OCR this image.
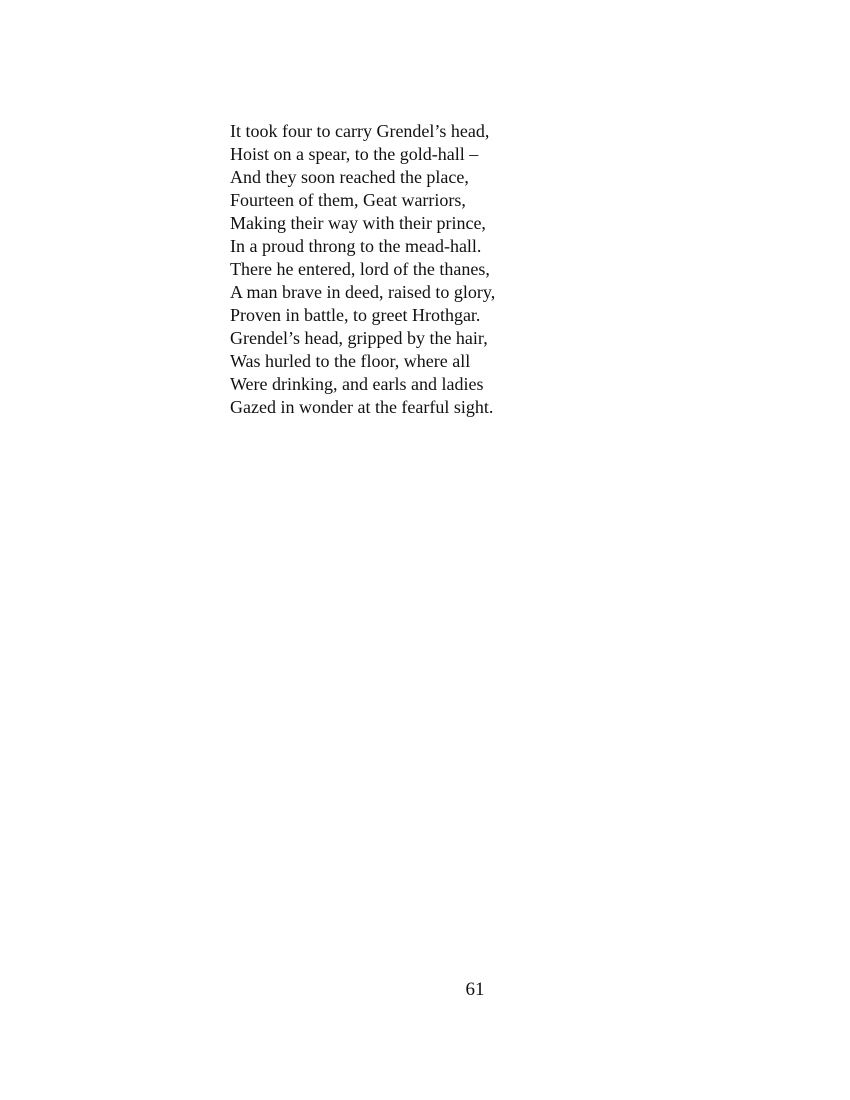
It took four to carry Grendel’s head,
Hoist on a spear, to the gold-hall –
And they soon reached the place,
Fourteen of them, Geat warriors,
Making their way with their prince,
In a proud throng to the mead-hall.
There he entered, lord of the thanes,
A man brave in deed, raised to glory,
Proven in battle, to greet Hrothgar.
Grendel’s head, gripped by the hair,
Was hurled to the floor, where all
Were drinking, and earls and ladies
Gazed in wonder at the fearful sight.
61
